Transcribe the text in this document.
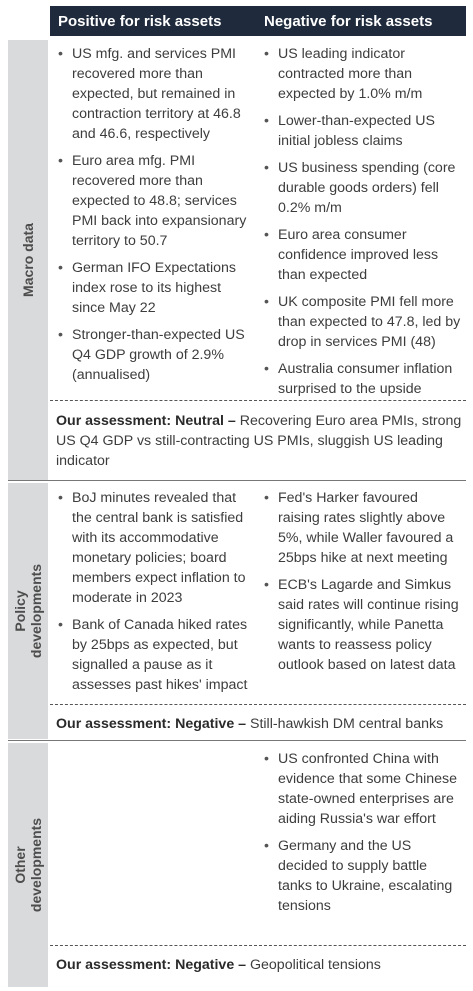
Positive for risk assets	Negative for risk assets
Macro data
• US mfg. and services PMI recovered more than expected, but remained in contraction territory at 46.8 and 46.6, respectively
• Euro area mfg. PMI recovered more than expected to 48.8; services PMI back into expansionary territory to 50.7
• German IFO Expectations index rose to its highest since May 22
• Stronger-than-expected US Q4 GDP growth of 2.9% (annualised)
• US leading indicator contracted more than expected by 1.0% m/m
• Lower-than-expected US initial jobless claims
• US business spending (core durable goods orders) fell 0.2% m/m
• Euro area consumer confidence improved less than expected
• UK composite PMI fell more than expected to 47.8, led by drop in services PMI (48)
• Australia consumer inflation surprised to the upside
Our assessment: Neutral – Recovering Euro area PMIs, strong US Q4 GDP vs still-contracting US PMIs, sluggish US leading indicator
Policy developments
• BoJ minutes revealed that the central bank is satisfied with its accommodative monetary policies; board members expect inflation to moderate in 2023
• Bank of Canada hiked rates by 25bps as expected, but signalled a pause as it assesses past hikes' impact
• Fed's Harker favoured raising rates slightly above 5%, while Waller favoured a 25bps hike at next meeting
• ECB's Lagarde and Simkus said rates will continue rising significantly, while Panetta wants to reassess policy outlook based on latest data
Our assessment: Negative – Still-hawkish DM central banks
Other developments
• US confronted China with evidence that some Chinese state-owned enterprises are aiding Russia's war effort
• Germany and the US decided to supply battle tanks to Ukraine, escalating tensions
Our assessment: Negative – Geopolitical tensions
